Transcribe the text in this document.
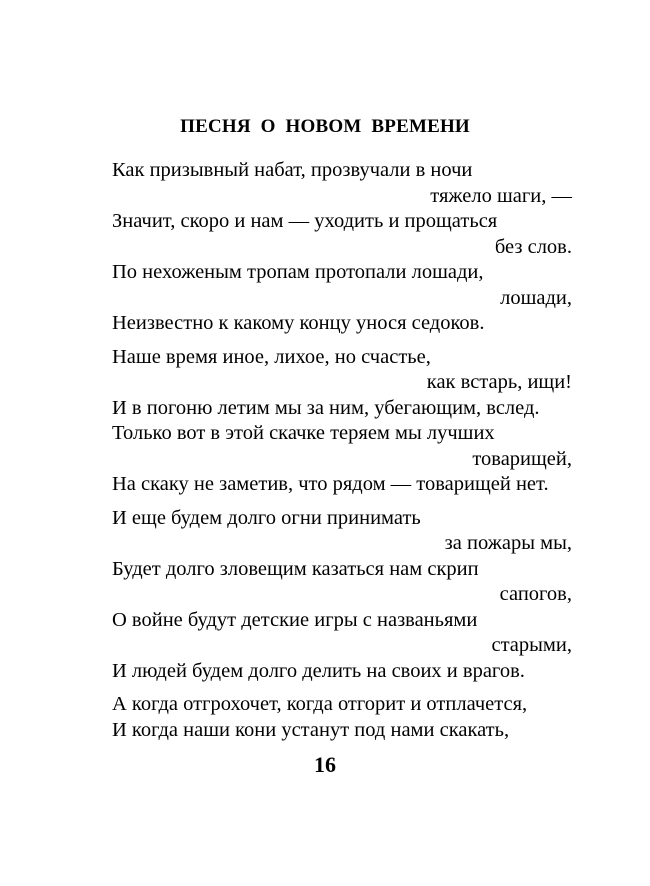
ПЕСНЯ  О  НОВОМ  ВРЕМЕНИ
Как призывный набат, прозвучали в ночи
тяжело шаги, —
Значит, скоро и нам — уходить и прощаться
без слов.
По нехоженым тропам протопали лошади,
лошади,
Неизвестно к какому концу унося седоков.
Наше время иное, лихое, но счастье,
как встарь, ищи!
И в погоню летим мы за ним, убегающим, вслед.
Только вот в этой скачке теряем мы лучших
товарищей,
На скаку не заметив, что рядом — товарищей нет.
И еще будем долго огни принимать
за пожары мы,
Будет долго зловещим казаться нам скрип
сапогов,
О войне будут детские игры с названьями
старыми,
И людей будем долго делить на своих и врагов.
А когда отгрохочет, когда отгорит и отплачется,
И когда наши кони устанут под нами скакать,
16
